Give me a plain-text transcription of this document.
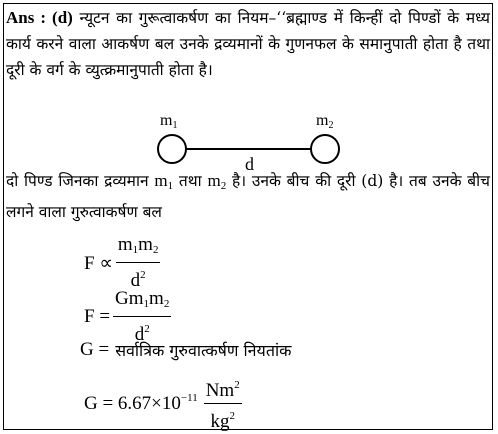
Ans : (d) न्यूटन का गुरूत्वाकर्षण का नियम–‘‘ब्रह्माण्ड में किन्हीं दो पिण्डों के मध्य कार्य करने वाला आकर्षण बल उनके द्रव्यमानों के गुणनफल के समानुपाती होता है तथा दूरी के वर्ग के व्युत्क्रमानुपाती होता है।

m1	m2
d

दो पिण्ड जिनका द्रव्यमान $m_1$ तथा $m_2$ है। उनके बीच की दूरी (d) है। तब उनके बीच लगने वाला गुरुत्वाकर्षण बल

$F \propto \frac{m_1m_2}{d^2}$
$F = \frac{Gm_1m_2}{d^2}$
G = सर्वात्रिक गुरुवात्कर्षण नियतांक
$G = 6.67\times 10^{-11} \frac{Nm^2}{kg^2}$
